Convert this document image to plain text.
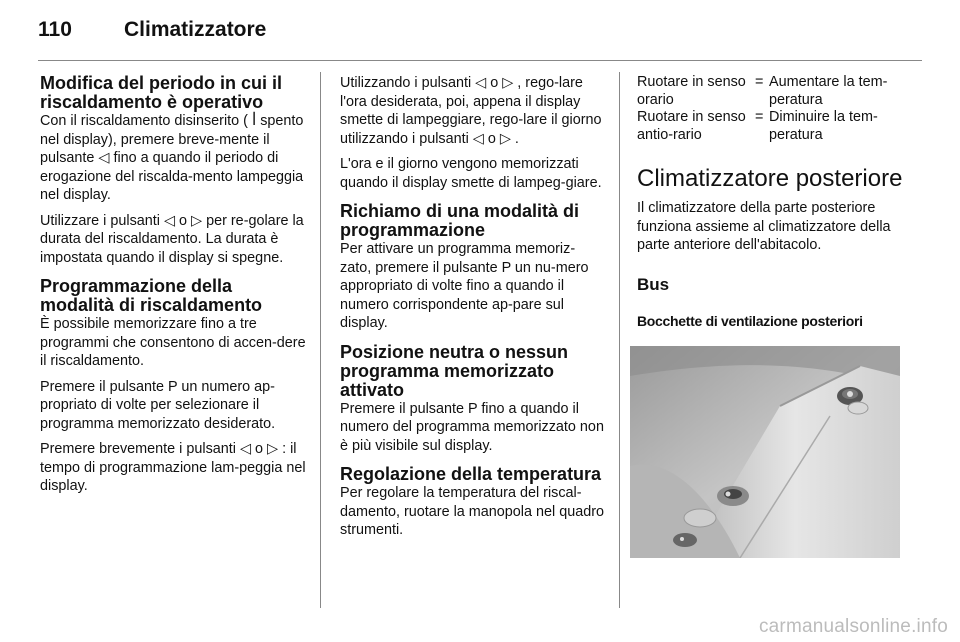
110 Climatizzatore
Modifica del periodo in cui il riscaldamento è operativo

Con il riscaldamento disinserito ( ꟾ spento nel display), premere breve-mente il pulsante ◁ fino a quando il periodo di erogazione del riscalda-mento lampeggia nel display.

Utilizzare i pulsanti ◁ o ▷ per re-golare la durata del riscaldamento. La durata è impostata quando il display si spegne.

Programmazione della modalità di riscaldamento

È possibile memorizzare fino a tre programmi che consentono di accen-dere il riscaldamento.

Premere il pulsante P un numero ap-propriato di volte per selezionare il programma memorizzato desiderato.

Premere brevemente i pulsanti ◁ o ▷ : il tempo di programmazione lam-peggia nel display.

Utilizzando i pulsanti ◁ o ▷ , rego-lare l'ora desiderata, poi, appena il display smette di lampeggiare, rego-lare il giorno utilizzando i pulsanti ◁ o ▷ .

L'ora e il giorno vengono memorizzati quando il display smette di lampeg-giare.

Richiamo di una modalità di programmazione

Per attivare un programma memoriz-zato, premere il pulsante P un nu-mero appropriato di volte fino a quando il numero corrispondente ap-pare sul display.

Posizione neutra o nessun programma memorizzato attivato

Premere il pulsante P fino a quando il numero del programma memorizzato non è più visibile sul display.

Regolazione della temperatura

Per regolare la temperatura del riscal-damento, ruotare la manopola nel quadro strumenti.

Ruotare in senso orario	=	Aumentare la tem-peratura
Ruotare in senso antio-rario	=	Diminuire la tem-peratura
Climatizzatore posteriore

Il climatizzatore della parte posteriore funziona assieme al climatizzatore della parte anteriore dell'abitacolo.

Bus
Bocchette di ventilazione posteriori
carmanualsonline.info
